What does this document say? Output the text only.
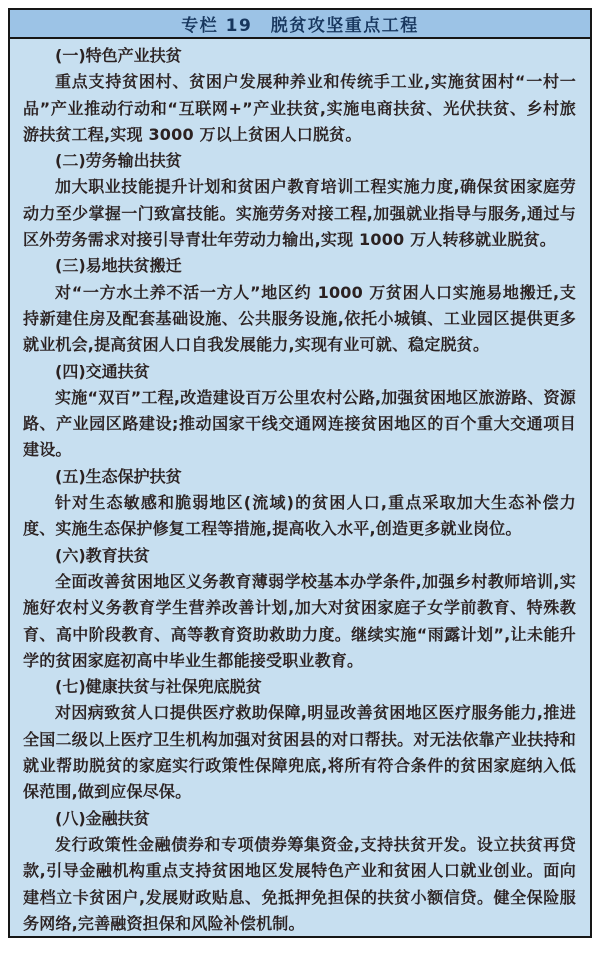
专栏 19　脱贫攻坚重点工程
(一)特色产业扶贫

重点支持贫困村、贫困户发展种养业和传统手工业,实施贫困村“一村一品”产业推动行动和“互联网+”产业扶贫,实施电商扶贫、光伏扶贫、乡村旅游扶贫工程,实现 3000 万以上贫困人口脱贫。

(二)劳务输出扶贫

加大职业技能提升计划和贫困户教育培训工程实施力度,确保贫困家庭劳动力至少掌握一门致富技能。实施劳务对接工程,加强就业指导与服务,通过与区外劳务需求对接引导青壮年劳动力输出,实现 1000 万人转移就业脱贫。

(三)易地扶贫搬迁

对“一方水土养不活一方人”地区约 1000 万贫困人口实施易地搬迁,支持新建住房及配套基础设施、公共服务设施,依托小城镇、工业园区提供更多就业机会,提高贫困人口自我发展能力,实现有业可就、稳定脱贫。

(四)交通扶贫

实施“双百”工程,改造建设百万公里农村公路,加强贫困地区旅游路、资源路、产业园区路建设;推动国家干线交通网连接贫困地区的百个重大交通项目建设。

(五)生态保护扶贫

针对生态敏感和脆弱地区(流域)的贫困人口,重点采取加大生态补偿力度、实施生态保护修复工程等措施,提高收入水平,创造更多就业岗位。

(六)教育扶贫

全面改善贫困地区义务教育薄弱学校基本办学条件,加强乡村教师培训,实施好农村义务教育学生营养改善计划,加大对贫困家庭子女学前教育、特殊教育、高中阶段教育、高等教育资助救助力度。继续实施“雨露计划”,让未能升学的贫困家庭初高中毕业生都能接受职业教育。

(七)健康扶贫与社保兜底脱贫

对因病致贫人口提供医疗救助保障,明显改善贫困地区医疗服务能力,推进全国二级以上医疗卫生机构加强对贫困县的对口帮扶。对无法依靠产业扶持和就业帮助脱贫的家庭实行政策性保障兜底,将所有符合条件的贫困家庭纳入低保范围,做到应保尽保。

(八)金融扶贫

发行政策性金融债券和专项债券筹集资金,支持扶贫开发。设立扶贫再贷款,引导金融机构重点支持贫困地区发展特色产业和贫困人口就业创业。面向建档立卡贫困户,发展财政贴息、免抵押免担保的扶贫小额信贷。健全保险服务网络,完善融资担保和风险补偿机制。
